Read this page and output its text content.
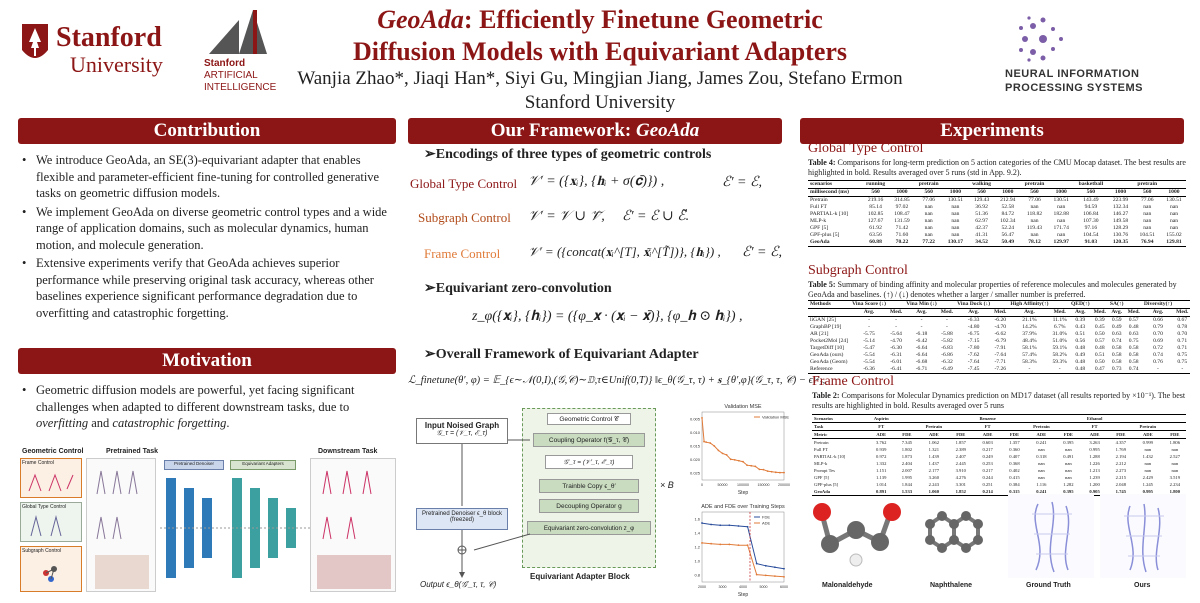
Stanford
University	Stanford
ARTIFICIAL
INTELLIGENCE
GeoAda: Efficiently Finetune Geometric
Diffusion Models with Equivariant Adapters
Wanjia Zhao*, Jiaqi Han*, Siyi Gu, Mingjian Jiang, James Zou, Stefano Ermon
Stanford University
NEURAL INFORMATION
PROCESSING SYSTEMS
Contribution
• We introduce GeoAda, an SE(3)-equivariant adapter that enables flexible and parameter-efficient fine-tuning for controlled generative tasks on geometric diffusion models.
• We implement GeoAda on diverse geometric control types and a wide range of application domains, such as molecular dynamics, human motion, and molecule generation.
• Extensive experiments verify that GeoAda achieves superior performance while preserving original task accuracy, whereas other baselines experience significant performance degradation due to overfitting and catastrophic forgetting.
Motivation
• Geometric diffusion models are powerful, yet facing significant challenges when adapted to different downstream tasks, due to overfitting and catastrophic forgetting.
Geometric Control	Pretrained Task	Downstream Task
Frame Control
Global Type Control
Subgraph Control
Pretrained Denoiser	Equivariant Adapters
Our Framework: GeoAda
➢ Encodings of three types of geometric controls
Global Type Control 𝒱′ = ({𝐱ᵢ}, {𝐡ᵢ + σ(𝐜̄)}) ,	ℰ′ = ℰ,
Subgraph Control 𝒱′ = 𝒱 ∪ 𝒱̃, ℰ′ = ℰ ∪ ℰ̃.
Frame Control 𝒱′ = ({concat(𝐱ᵢ^[T], 𝐱̃ᵢ^[T̃])}, {𝐡ᵢ}) , ℰ′ = ℰ,
➢ Equivariant zero-convolution
z_φ({𝐱ᵢ}, {𝐡ᵢ}) = ({φ_𝐱 · (𝐱ᵢ − 𝐱̄)}, {φ_𝐡 ⊙ 𝐡ᵢ}) ,
➢ Overall Framework of Equivariant Adapter
ℒ_finetune(θ′, φ) = 𝔼_{ϵ∼𝒩(0,I),(𝒢,𝒞)∼𝔻,τ∈Unif(0,T)} ‖ϵ_θ(𝒢_τ, τ) + 𝐬_{θ′,φ}(𝒢_τ, τ, 𝒞) − ϵ‖²₂,
Input Noised Graph
𝒢_τ = (𝒱_τ, ℰ_τ)
Pretrained Denoiser ϵ_θ block (freezed)
Geometric Control 𝒞
Coupling Operator f(𝒢_τ, 𝒞)
𝒢′_τ = (𝒱′_τ, ℰ′_τ)
Trainble Copy ϵ_θ′
Decoupling Operator g
Equivariant zero-convolution z_φ
× B
Equivariant Adapter Block
Output ϵ_θ(𝒢′_τ, τ, 𝒞)
Validation MSE
Step
0.025
0.020
0.015
0.010
0.005
0	50000	100000 150000 200000
Validation MSE
ADE and FDE over Training Steps
Step
0.8
1.0
1.2
1.4
1.6
2000	3000	4000	5000	6000
FDE
ADE
Experiments
Global Type Control
Table 4: Comparisons for long-term prediction on 5 action categories of the CMU Mocap dataset. The best results are highlighted in bold. Results averaged over 5 runs (std in App. 9.2).
scenarios	running		pretrain		walking		pretrain		basketball		pretrain	
millisecond (ms)	560	1000	560	1000	560	1000	560	1000	560	1000	560	1000
Pretrain	219.16	314.85	77.06	130.51	129.43	212.94	77.06	130.51	143.49	223.99	77.06	130.51
Full FT	85.14	97.02	nan	nan	36.92	52.58	nan	nan	94.59	132.34	nan	nan
PARTIAL-k [10]	102.85	108.47	nan	nan	51.36	84.72	118.82	182.88	106.84	146.27	nan	nan
MLP-k	127.67	131.59	nan	nan	62.97	102.34	nan	nan	107.30	149.58	nan	nan
GPF [5]	61.92	71.42	nan	nan	42.37	52.24	119.43	171.74	97.16	128.29	nan	nan
GPF-plus [5]	63.56	71.60	nan	nan	41.31	56.47	nan	nan	104.54	130.76	104.51	155.02
GeoAda	60.88	70.22	77.22	130.17	34.52	50.49	78.12	129.97	91.03	120.35	76.94	129.81
Subgraph Control
Table 5: Summary of binding affinity and molecular properties of reference molecules and molecules generated by GeoAda and baselines. (↑) / (↓) denotes whether a larger / smaller number is preferred.
Methods	Vina Score (↓)		Vina Min (↓)		Vina Dock (↓)		High Affinity(↑)		QED(↑)		SA(↑)		Diversity(↑)	
	Avg.	Med.	Avg.	Med.	Avg.	Med.	Avg.	Med.	Avg.	Med.	Avg.	Med.	Avg.	Med.
liGAN [25]	-	-	-	-	-6.33	-6.20	21.1%	11.1%	0.39	0.39	0.59	0.57	0.66	0.67
GraphBP [19]	-	-	-	-	-4.80	-4.70	14.2%	6.7%	0.43	0.45	0.49	0.48	0.79	0.78
AR [21]	-5.75	-5.64	-6.18	-5.88	-6.75	-6.62	37.9%	31.0%	0.51	0.50	0.63	0.63	0.70	0.70
Pocket2Mol [24]	-5.14	-4.70	-6.42	-5.82	-7.15	-6.79	48.4%	51.0%	0.56	0.57	0.74	0.75	0.69	0.71
TargetDiff [10]	-5.47	-6.30	-6.64	-6.83	-7.80	-7.91	58.1%	59.1%	0.48	0.48	0.58	0.58	0.72	0.71
GeoAda (ours)	-5.54	-6.31	-6.64	-6.86	-7.62	-7.64	57.4%	58.2%	0.49	0.51	0.58	0.58	0.74	0.75
GeoAda (Geom)	-5.54	-6.01	-6.68	-6.32	-7.64	-7.71	58.3%	59.3%	0.48	0.50	0.58	0.58	0.76	0.75
Reference	-6.36	-6.41	-6.71	-6.49	-7.45	-7.26	-	-	0.48	0.47	0.73	0.74	-	-
Frame Control
Table 2: Comparisons for Molecular Dynamics prediction on MD17 dataset (all results reported by ×10⁻¹). The best results are highlighted in bold. Results averaged over 5 runs
Scenarios	Aspirin				Benzene				Ethanol			
Task	FT		Pretrain		FT		Pretrain		FT		Pretrain	
Metric	ADE	FDE	ADE	FDE	ADE	FDE	ADE	FDE	ADE	FDE	ADE	FDE
Pretrain	3.762	7.345	1.062	1.857	0.603	1.357	0.241	0.395	3.263	4.357	0.999	1.806
Full FT	0.939	1.802	1.321	2.389	0.217	0.360	nan	nan	0.995	1.769	nan	nan
PARTIAL-k [10]	0.972	1.873	1.439	2.407	0.249	0.407	0.318	0.491	1.288	2.194	1.432	2.527
MLP-k	1.332	2.404	1.437	2.445	0.253	0.368	nan	nan	1.226	2.212	nan	nan
Prompt Tes	1.151	2.007	2.177	3.910	0.217	0.402	nan	nan	1.213	2.273	nan	nan
GPF [5]	1.139	1.995	3.260	4.276	0.244	0.415	nan	nan	1.239	2.215	2.429	3.519
GPF-plus [5]	1.014	1.844	2.243	3.301	0.251	0.384	1.116	1.282	1.200	2.048	1.245	2.234
GeoAda	0.891	1.533	1.060	1.852	0.214	0.315	0.241	0.395	0.905	1.745	0.995	1.800
Malonaldehyde	Naphthalene	Ground Truth	Ours
